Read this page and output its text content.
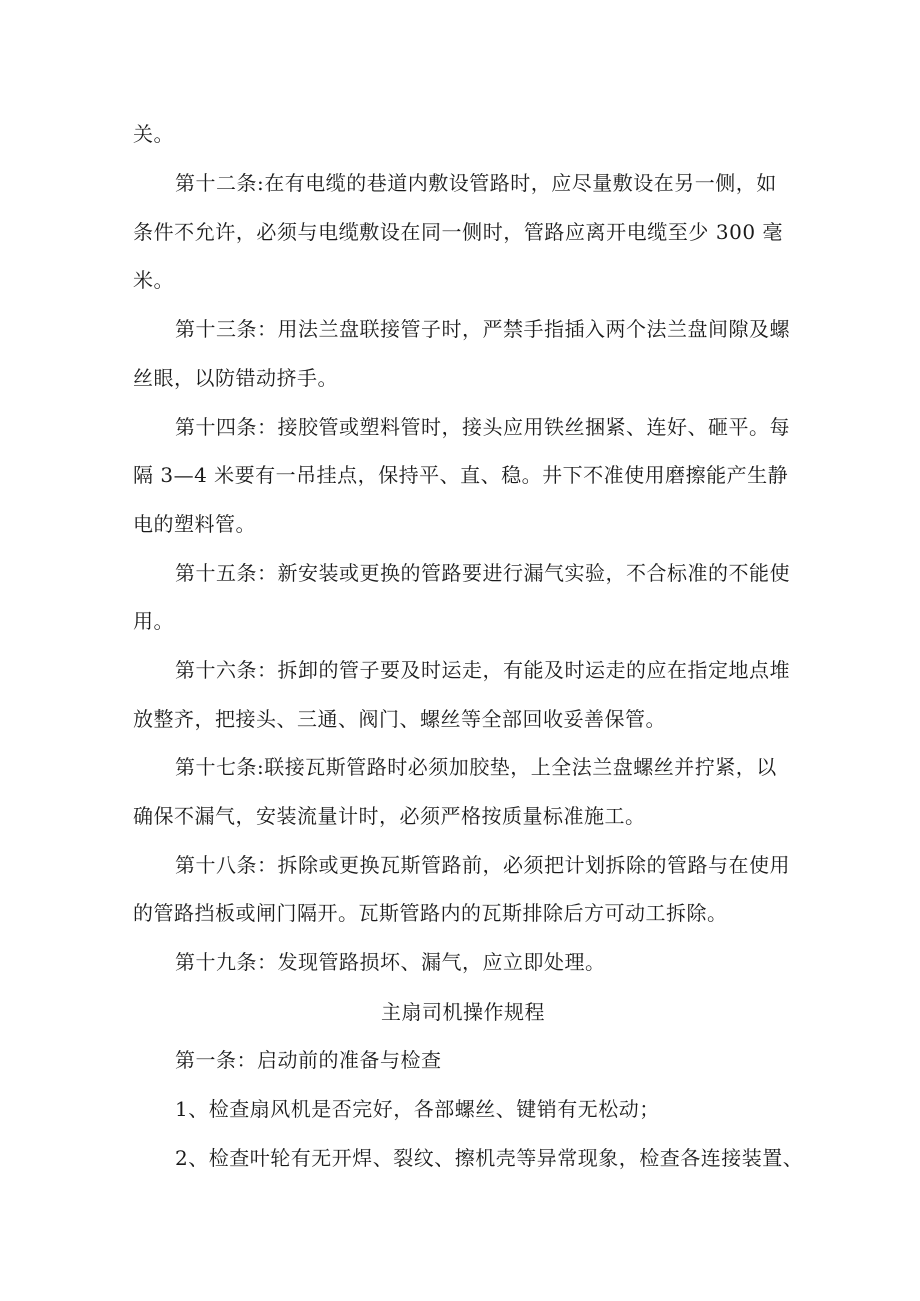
关。
第十二条:在有电缆的巷道内敷设管路时，应尽量敷设在另一侧，如
条件不允许，必须与电缆敷设在同一侧时，管路应离开电缆至少 300 毫
米。
第十三条：用法兰盘联接管子时，严禁手指插入两个法兰盘间隙及螺
丝眼，以防错动挤手。
第十四条：接胶管或塑料管时，接头应用铁丝捆紧、连好、砸平。每
隔 3—4 米要有一吊挂点，保持平、直、稳。井下不准使用磨擦能产生静
电的塑料管。
第十五条：新安装或更换的管路要进行漏气实验，不合标准的不能使
用。
第十六条：拆卸的管子要及时运走，有能及时运走的应在指定地点堆
放整齐，把接头、三通、阀门、螺丝等全部回收妥善保管。
第十七条:联接瓦斯管路时必须加胶垫，上全法兰盘螺丝并拧紧，以
确保不漏气，安装流量计时，必须严格按质量标准施工。
第十八条：拆除或更换瓦斯管路前，必须把计划拆除的管路与在使用
的管路挡板或闸门隔开。瓦斯管路内的瓦斯排除后方可动工拆除。
第十九条：发现管路损坏、漏气，应立即处理。
主扇司机操作规程
第一条：启动前的准备与检查
1、检查扇风机是否完好，各部螺丝、键销有无松动；
2、检查叶轮有无开焊、裂纹、擦机壳等异常现象，检查各连接装置、
